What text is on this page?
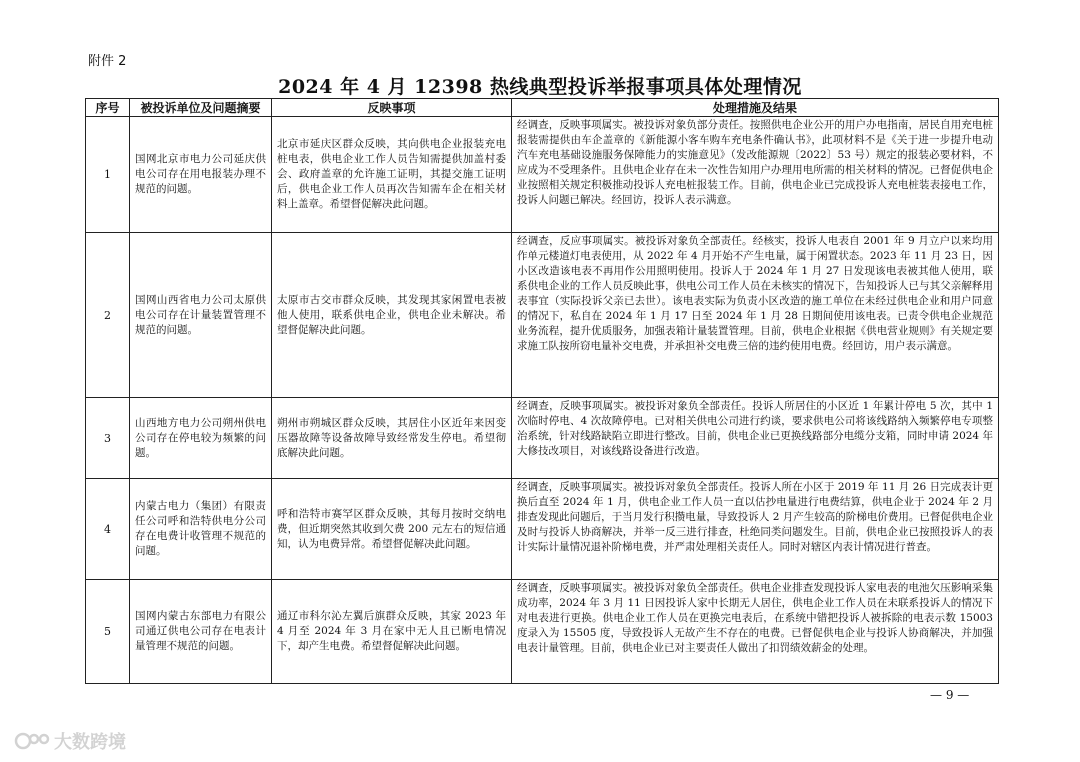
附件 2
2024 年 4 月 12398 热线典型投诉举报事项具体处理情况
序号	被投诉单位及问题摘要	反映事项	处理措施及结果
1	国网北京市电力公司延庆供电公司存在用电报装办理不规范的问题。	北京市延庆区群众反映，其向供电企业报装充电桩电表，供电企业工作人员告知需提供加盖村委会、政府盖章的允许施工证明，其提交施工证明后，供电企业工作人员再次告知需车企在相关材料上盖章。希望督促解决此问题。	经调查，反映事项属实。被投诉对象负部分责任。按照供电企业公开的用户办电指南，居民自用充电桩报装需提供由车企盖章的《新能源小客车购车充电条件确认书》，此项材料不是《关于进一步提升电动汽车充电基础设施服务保障能力的实施意见》（发改能源规〔2022〕53 号）规定的报装必要材料，不应成为不受理条件。且供电企业存在未一次性告知用户办理用电所需的相关材料的情况。已督促供电企业按照相关规定积极推动投诉人充电桩报装工作。目前，供电企业已完成投诉人充电桩装表接电工作，投诉人问题已解决。经回访，投诉人表示满意。
2	国网山西省电力公司太原供电公司存在计量装置管理不规范的问题。	太原市古交市群众反映，其发现其家闲置电表被他人使用，联系供电企业，供电企业未解决。希望督促解决此问题。	经调查，反应事项属实。被投诉对象负全部责任。经核实，投诉人电表自 2001 年 9 月立户以来均用作单元楼道灯电表使用，从 2022 年 4 月开始不产生电量，属于闲置状态。2023 年 11 月 23 日，因小区改造该电表不再用作公用照明使用。投诉人于 2024 年 1 月 27 日发现该电表被其他人使用，联系供电企业的工作人员反映此事，供电公司工作人员在未核实的情况下，告知投诉人已与其父亲解释用表事宜（实际投诉父亲已去世）。该电表实际为负责小区改造的施工单位在未经过供电企业和用户同意的情况下，私自在 2024 年 1 月 17 日至 2024 年 1 月 28 日期间使用该电表。已责令供电企业规范业务流程，提升优质服务，加强表箱计量装置管理。目前，供电企业根据《供电营业规则》有关规定要求施工队按所窃电量补交电费，并承担补交电费三倍的违约使用电费。经回访，用户表示满意。
3	山西地方电力公司朔州供电公司存在停电较为频繁的问题。	朔州市朔城区群众反映，其居住小区近年来因变压器故障等设备故障导致经常发生停电。希望彻底解决此问题。	经调查，反映事项属实。被投诉对象负全部责任。投诉人所居住的小区近 1 年累计停电 5 次，其中 1 次临时停电、4 次故障停电。已对相关供电公司进行约谈，要求供电公司将该线路纳入频繁停电专项整治系统，针对线路缺陷立即进行整改。目前，供电企业已更换线路部分电缆分支箱，同时申请 2024 年大修技改项目，对该线路设备进行改造。
4	内蒙古电力（集团）有限责任公司呼和浩特供电分公司存在电费计收管理不规范的问题。	呼和浩特市赛罕区群众反映，其每月按时交纳电费，但近期突然其收到欠费 200 元左右的短信通知，认为电费异常。希望督促解决此问题。	经调查，反映事项属实。被投诉对象负全部责任。投诉人所在小区于 2019 年 11 月 26 日完成表计更换后直至 2024 年 1 月，供电企业工作人员一直以估抄电量进行电费结算，供电企业于 2024 年 2 月排查发现此问题后，于当月发行积攒电量，导致投诉人 2 月产生较高的阶梯电价费用。已督促供电企业及时与投诉人协商解决，并举一反三进行排查，杜绝同类问题发生。目前，供电企业已按照投诉人的表计实际计量情况退补阶梯电费，并严肃处理相关责任人。同时对辖区内表计情况进行普查。
5	国网内蒙古东部电力有限公司通辽供电公司存在电表计量管理不规范的问题。	通辽市科尔沁左翼后旗群众反映，其家 2023 年 4 月至 2024 年 3 月在家中无人且已断电情况下，却产生电费。希望督促解决此问题。	经调查，反映事项属实。被投诉对象负全部责任。供电企业排查发现投诉人家电表的电池欠压影响采集成功率，2024 年 3 月 11 日因投诉人家中长期无人居住，供电企业工作人员在未联系投诉人的情况下对电表进行更换。供电企业工作人员在更换完电表后，在系统中错把投诉人被拆除的电表示数 15003 度录入为 15505 度，导致投诉人无故产生不存在的电费。已督促供电企业与投诉人协商解决，并加强电表计量管理。目前，供电企业已对主要责任人做出了扣罚绩效薪金的处理。
— 9 —
大数跨境
